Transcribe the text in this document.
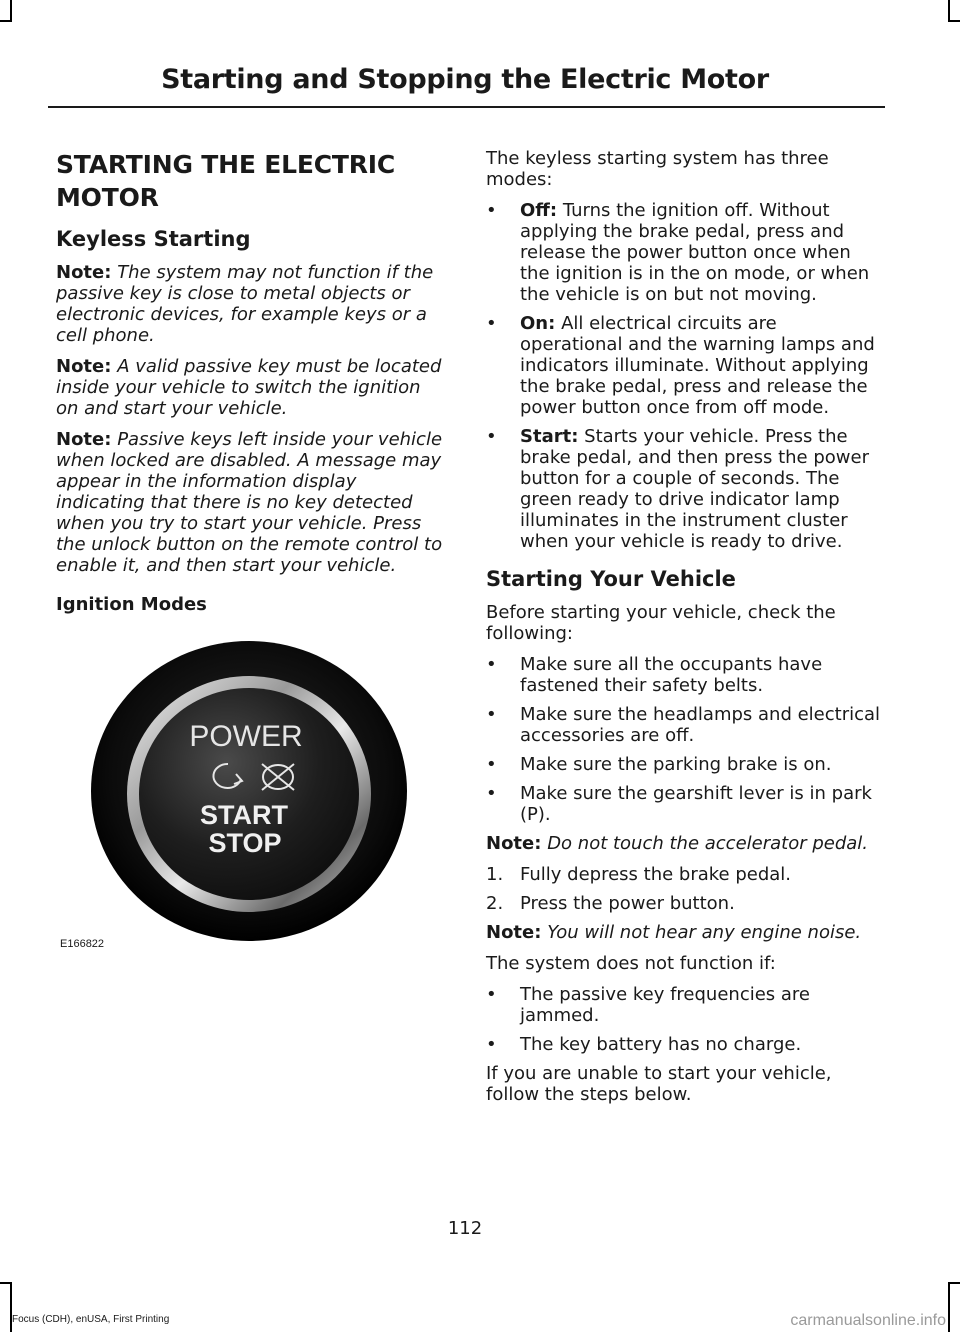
Starting and Stopping the Electric Motor
STARTING THE ELECTRIC MOTOR
Keyless Starting

Note: The system may not function if the passive key is close to metal objects or electronic devices, for example keys or a cell phone.

Note: A valid passive key must be located inside your vehicle to switch the ignition on and start your vehicle.

Note: Passive keys left inside your vehicle when locked are disabled. A message may appear in the information display indicating that there is no key detected when you try to start your vehicle. Press the unlock button on the remote control to enable it, and then start your vehicle.

Ignition Modes
POWER
START
STOP
E166822

The keyless starting system has three modes:

• Off: Turns the ignition off. Without applying the brake pedal, press and release the power button once when the ignition is in the on mode, or when the vehicle is on but not moving.
• On: All electrical circuits are operational and the warning lamps and indicators illuminate. Without applying the brake pedal, press and release the power button once from off mode.
• Start: Starts your vehicle. Press the brake pedal, and then press the power button for a couple of seconds. The green ready to drive indicator lamp illuminates in the instrument cluster when your vehicle is ready to drive.
Starting Your Vehicle

Before starting your vehicle, check the following:

• Make sure all the occupants have fastened their safety belts.
• Make sure the headlamps and electrical accessories are off.
• Make sure the parking brake is on.
• Make sure the gearshift lever is in park (P).

Note: Do not touch the accelerator pedal.

1. Fully depress the brake pedal.
2. Press the power button.

Note: You will not hear any engine noise.

The system does not function if:

• The passive key frequencies are jammed.
• The key battery has no charge.

If you are unable to start your vehicle, follow the steps below.

112
Focus (CDH), enUSA, First Printing	carmanualsonline.info
